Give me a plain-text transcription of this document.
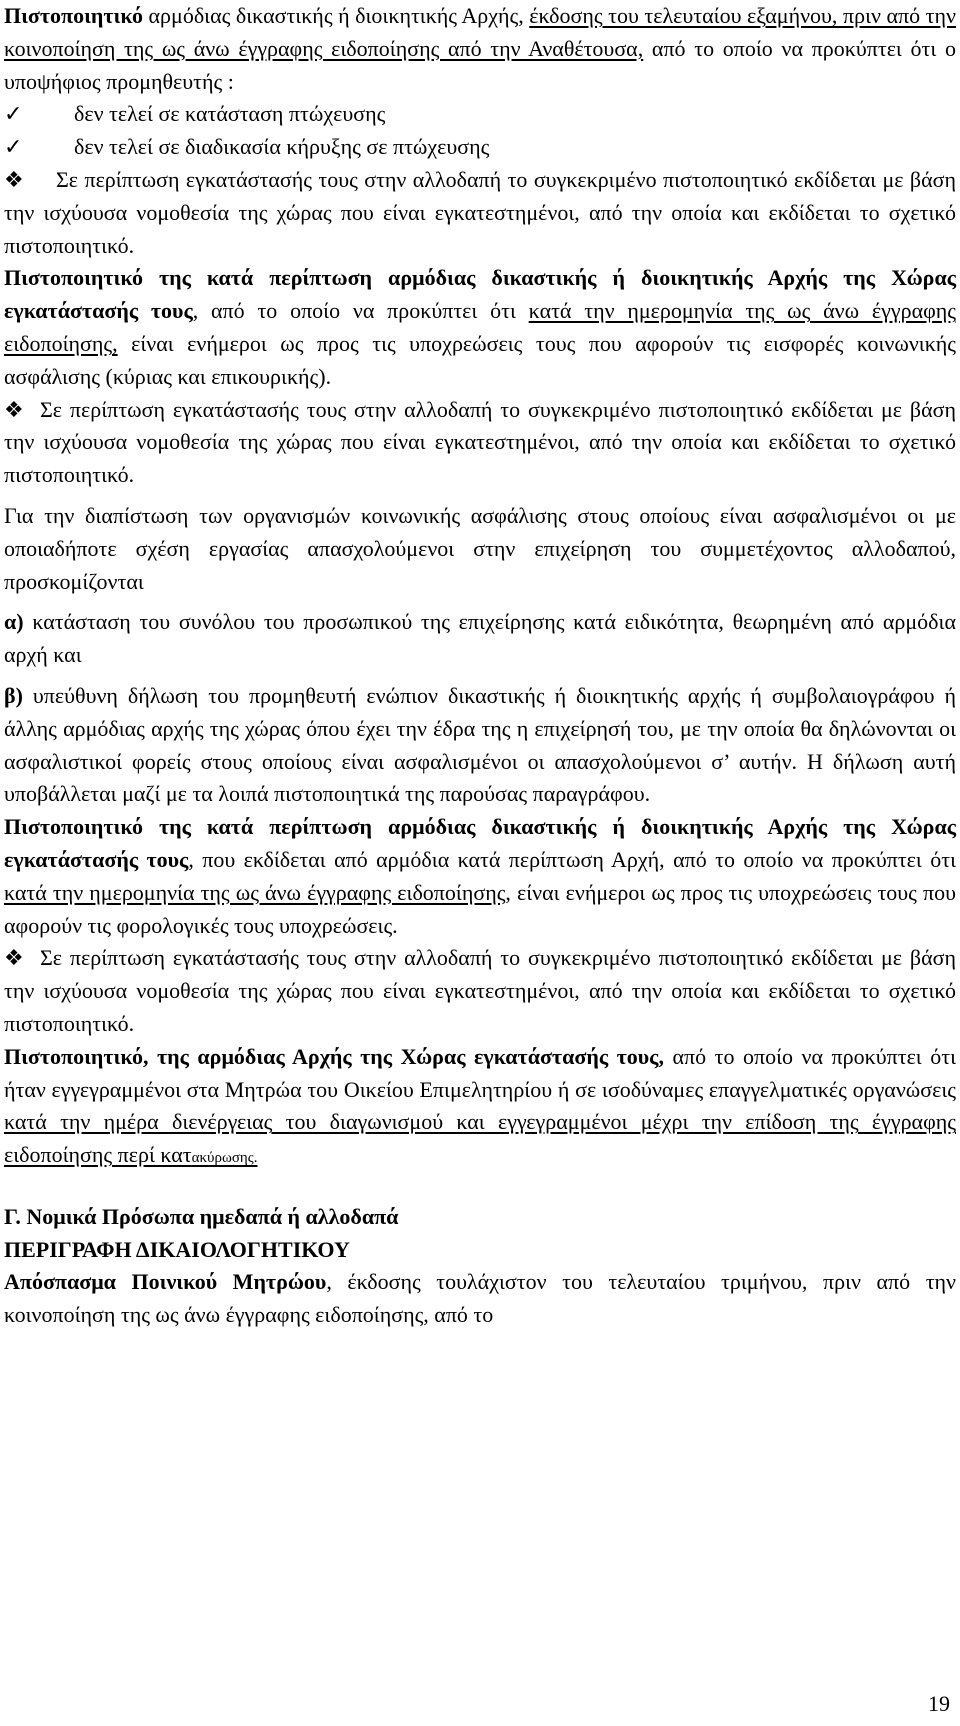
Πιστοποιητικό αρμόδιας δικαστικής ή διοικητικής Αρχής, έκδοσης του τελευταίου εξαμήνου, πριν από την κοινοποίηση της ως άνω έγγραφης ειδοποίησης από την Αναθέτουσα, από το οποίο να προκύπτει ότι ο υποψήφιος προμηθευτής :

✓	δεν τελεί σε κατάσταση πτώχευσης
✓	δεν τελεί σε διαδικασία κήρυξης σε πτώχευσης

❖ Σε περίπτωση εγκατάστασής τους στην αλλοδαπή το συγκεκριμένο πιστοποιητικό εκδίδεται με βάση την ισχύουσα νομοθεσία της χώρας που είναι εγκατεστημένοι, από την οποία και εκδίδεται το σχετικό πιστοποιητικό.

Πιστοποιητικό της κατά περίπτωση αρμόδιας δικαστικής ή διοικητικής Αρχής της Χώρας εγκατάστασής τους, από το οποίο να προκύπτει ότι κατά την ημερομηνία της ως άνω έγγραφης ειδοποίησης, είναι ενήμεροι ως προς τις υποχρεώσεις τους που αφορούν τις εισφορές κοινωνικής ασφάλισης (κύριας και επικουρικής).

❖ Σε περίπτωση εγκατάστασής τους στην αλλοδαπή το συγκεκριμένο πιστοποιητικό εκδίδεται με βάση την ισχύουσα νομοθεσία της χώρας που είναι εγκατεστημένοι, από την οποία και εκδίδεται το σχετικό πιστοποιητικό.

Για την διαπίστωση των οργανισμών κοινωνικής ασφάλισης στους οποίους είναι ασφαλισμένοι οι με οποιαδήποτε σχέση εργασίας απασχολούμενοι στην επιχείρηση του συμμετέχοντος αλλοδαπού, προσκομίζονται

α) κατάσταση του συνόλου του προσωπικού της επιχείρησης κατά ειδικότητα, θεωρημένη από αρμόδια αρχή και

β) υπεύθυνη δήλωση του προμηθευτή ενώπιον δικαστικής ή διοικητικής αρχής ή συμβολαιογράφου ή άλλης αρμόδιας αρχής της χώρας όπου έχει την έδρα της η επιχείρησή του, με την οποία θα δηλώνονται οι ασφαλιστικοί φορείς στους οποίους είναι ασφαλισμένοι οι απασχολούμενοι σ’ αυτήν. Η δήλωση αυτή υποβάλλεται μαζί με τα λοιπά πιστοποιητικά της παρούσας παραγράφου.

Πιστοποιητικό της κατά περίπτωση αρμόδιας δικαστικής ή διοικητικής Αρχής της Χώρας εγκατάστασής τους, που εκδίδεται από αρμόδια κατά περίπτωση Αρχή, από το οποίο να προκύπτει ότι κατά την ημερομηνία της ως άνω έγγραφης ειδοποίησης, είναι ενήμεροι ως προς τις υποχρεώσεις τους που αφορούν τις φορολογικές τους υποχρεώσεις.

❖ Σε περίπτωση εγκατάστασής τους στην αλλοδαπή το συγκεκριμένο πιστοποιητικό εκδίδεται με βάση την ισχύουσα νομοθεσία της χώρας που είναι εγκατεστημένοι, από την οποία και εκδίδεται το σχετικό πιστοποιητικό.

Πιστοποιητικό, της αρμόδιας Αρχής της Χώρας εγκατάστασής τους, από το οποίο να προκύπτει ότι ήταν εγγεγραμμένοι στα Μητρώα του Οικείου Επιμελητηρίου ή σε ισοδύναμες επαγγελματικές οργανώσεις κατά την ημέρα διενέργειας του διαγωνισμού και εγγεγραμμένοι μέχρι την επίδοση της έγγραφης ειδοποίησης περί κατακύρωσης.

Γ. Νομικά Πρόσωπα ημεδαπά ή αλλοδαπά

ΠΕΡΙΓΡΑΦΗ ΔΙΚΑΙΟΛΟΓΗΤΙΚΟΥ

Απόσπασμα Ποινικού Μητρώου, έκδοσης τουλάχιστον του τελευταίου τριμήνου, πριν από την κοινοποίηση της ως άνω έγγραφης ειδοποίησης, από το

19
